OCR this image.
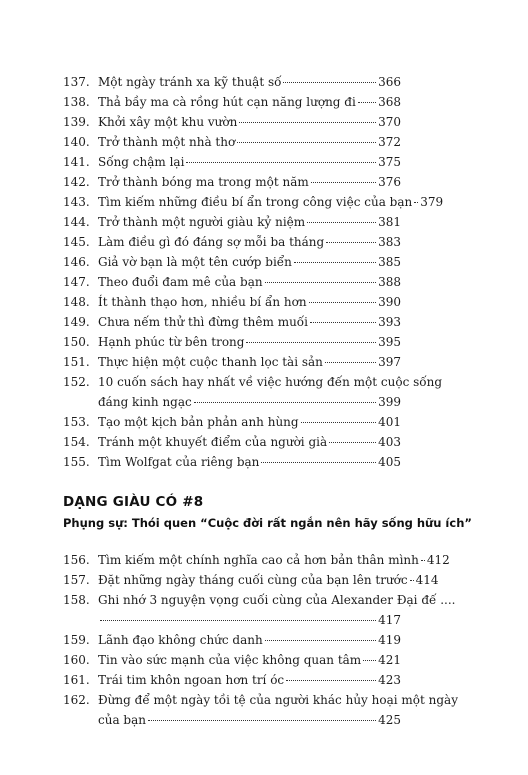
137. Một ngày tránh xa kỹ thuật số	366
138. Thả bầy ma cà rồng hút cạn năng lượng đi 368
139. Khởi xây một khu vườn	370
140. Trở thành một nhà thơ	372
141. Sống chậm lại	375
142. Trở thành bóng ma trong một năm	376
143. Tìm kiếm những điều bí ẩn trong công việc của bạn 379
144. Trở thành một người giàu kỷ niệm	381
145. Làm điều gì đó đáng sợ mỗi ba tháng	383
146. Giả vờ bạn là một tên cướp biển	385
147. Theo đuổi đam mê của bạn	388
148. Ít thành thạo hơn, nhiều bí ẩn hơn	390
149. Chưa nếm thử thì đừng thêm muối	393
150. Hạnh phúc từ bên trong	395
151. Thực hiện một cuộc thanh lọc tài sản	397
152. 10 cuốn sách hay nhất về việc hướng đến một cuộc sống
đáng kinh ngạc	399
153. Tạo một kịch bản phản anh hùng	401
154. Tránh một khuyết điểm của người già	403
155. Tìm Wolfgat của riêng bạn	405
DẠNG GIÀU CÓ #8
Phụng sự: Thói quen “Cuộc đời rất ngắn nên hãy sống hữu ích”
156. Tìm kiếm một chính nghĩa cao cả hơn bản thân mình 412
157. Đặt những ngày tháng cuối cùng của bạn lên trước 414
158. Ghi nhớ 3 nguyện vọng cuối cùng của Alexander Đại đế ....
417
159. Lãnh đạo không chức danh	419
160. Tin vào sức mạnh của việc không quan tâm 421
161. Trái tim khôn ngoan hơn trí óc	423
162. Đừng để một ngày tồi tệ của người khác hủy hoại một ngày
của bạn	425
